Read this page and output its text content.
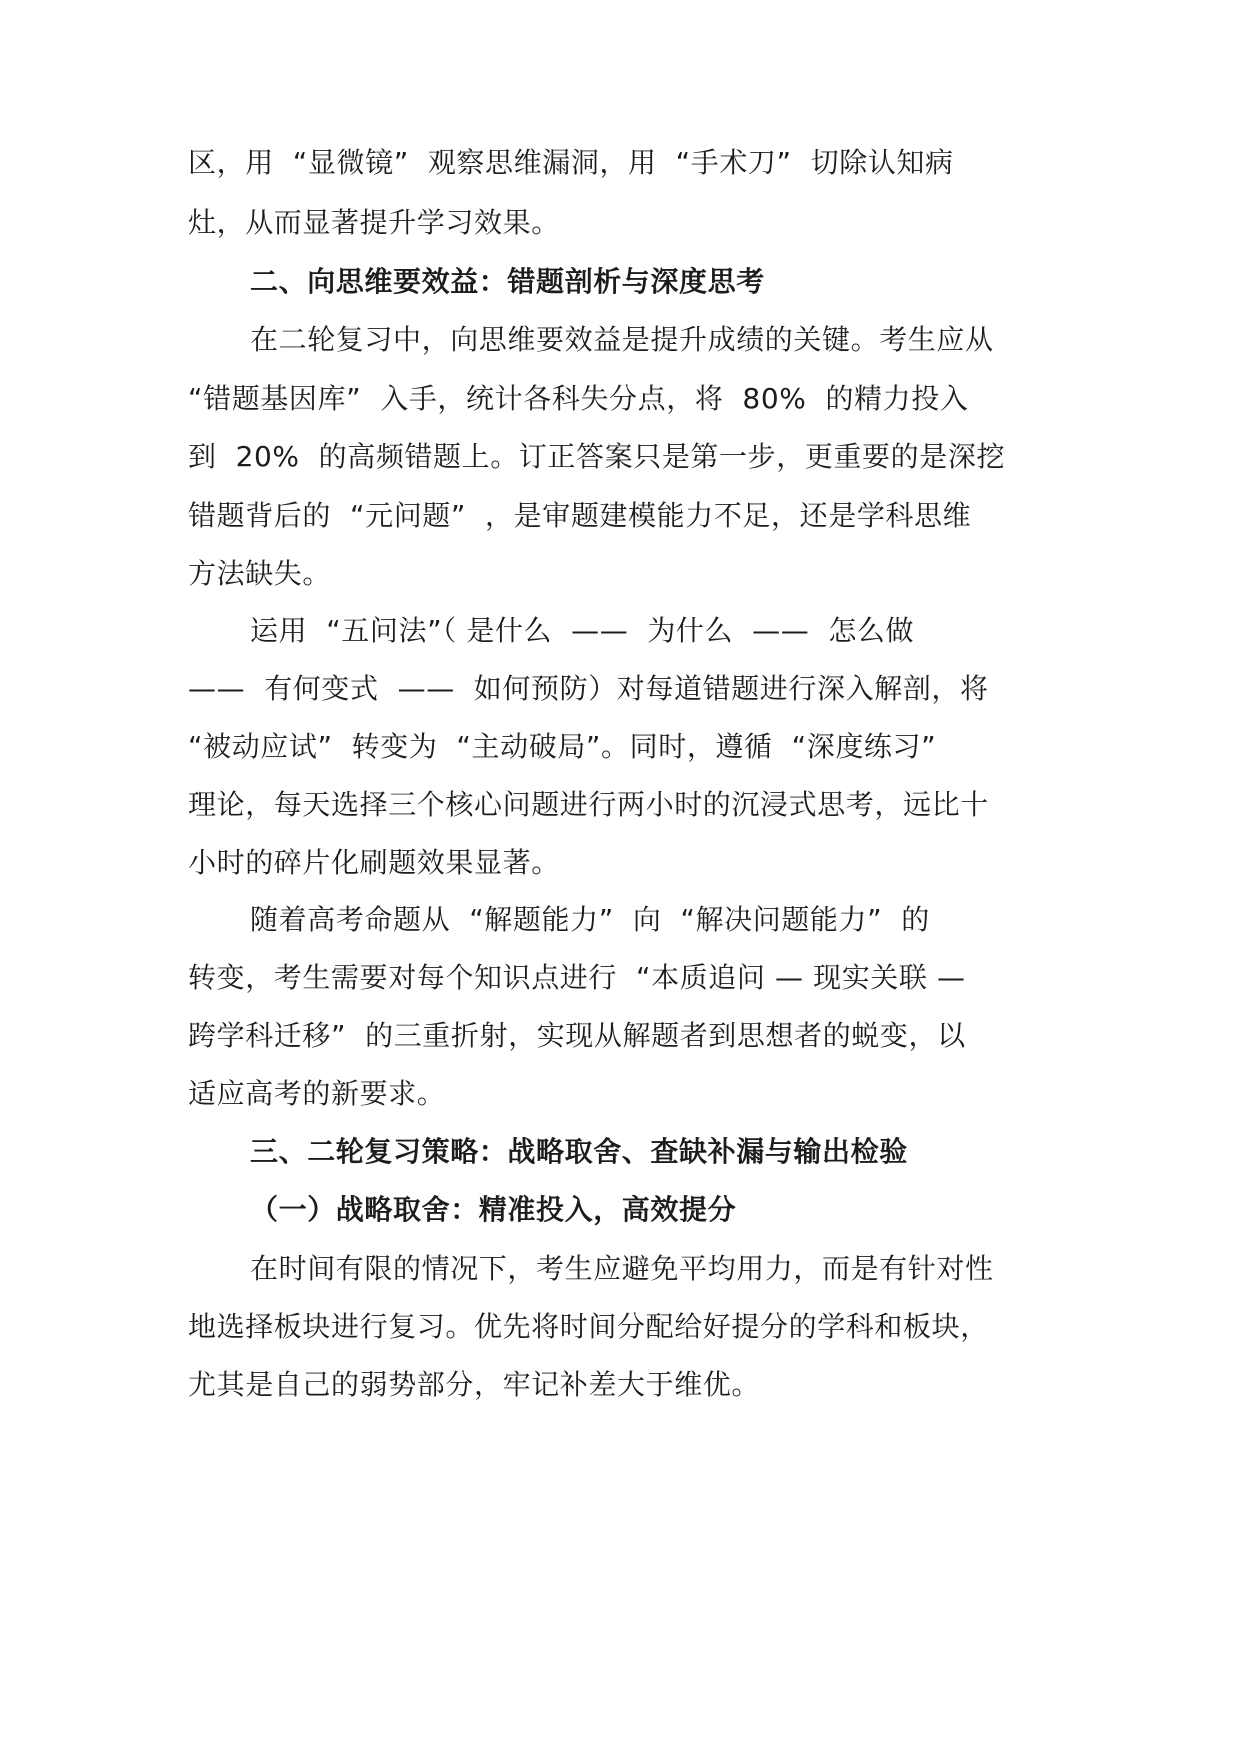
区，用  “显微镜”  观察思维漏洞，用  “手术刀”  切除认知病
灶，从而显著提升学习效果。
二、向思维要效益：错题剖析与深度思考
在二轮复习中，向思维要效益是提升成绩的关键。考生应从
“错题基因库”  入手，统计各科失分点，将  80%  的精力投入
到  20%  的高频错题上。订正答案只是第一步，更重要的是深挖
错题背后的  “元问题”  ，是审题建模能力不足，还是学科思维
方法缺失。
运用  “五问法”（ 是什么  ——  为什么  ——  怎么做
——  有何变式  ——  如何预防）对每道错题进行深入解剖，将
“被动应试”  转变为  “主动破局”。同时，遵循  “深度练习”
理论，每天选择三个核心问题进行两小时的沉浸式思考，远比十
小时的碎片化刷题效果显著。
随着高考命题从  “解题能力”  向  “解决问题能力”  的
转变，考生需要对每个知识点进行  “本质追问 — 现实关联 —
跨学科迁移”  的三重折射，实现从解题者到思想者的蜕变，以
适应高考的新要求。
三、二轮复习策略：战略取舍、查缺补漏与输出检验
（一）战略取舍：精准投入，高效提分
在时间有限的情况下，考生应避免平均用力，而是有针对性
地选择板块进行复习。优先将时间分配给好提分的学科和板块，
尤其是自己的弱势部分，牢记补差大于维优。
